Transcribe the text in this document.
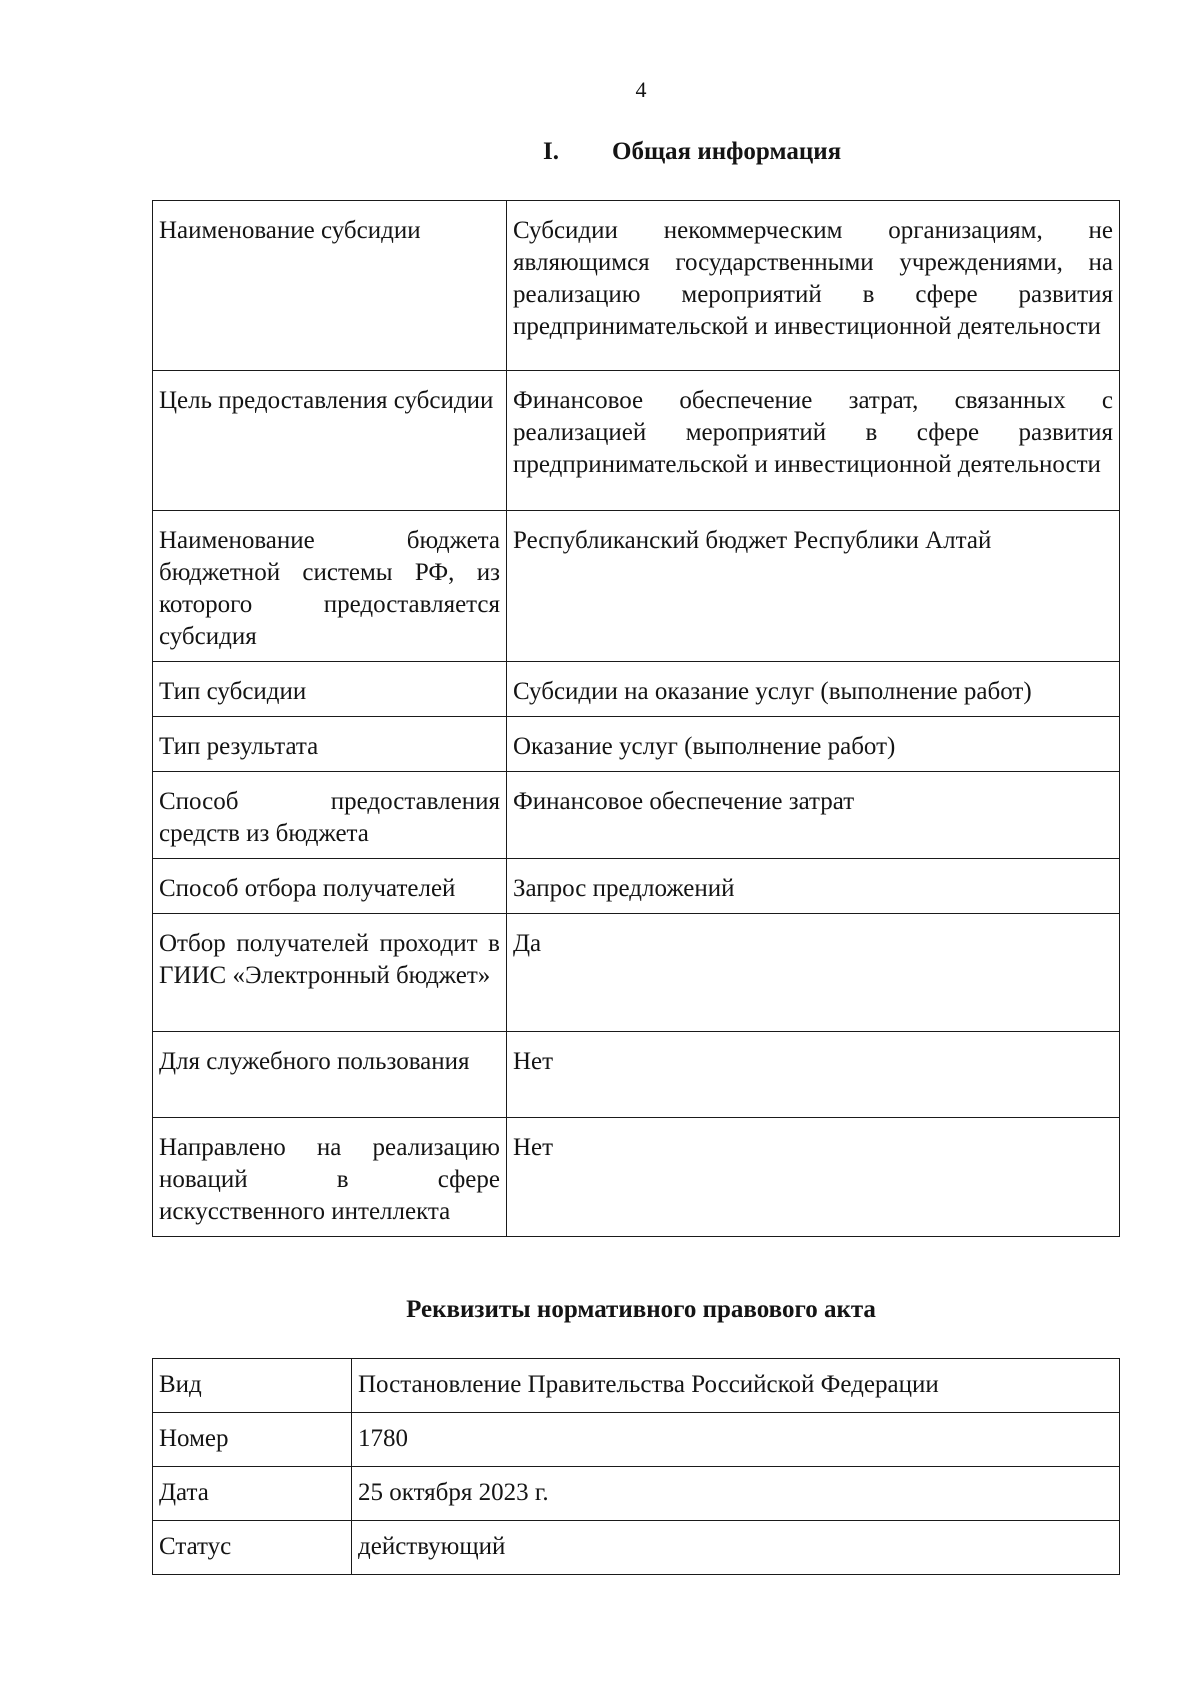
4
I. Общая информация
Наименование субсидии	Субсидии некоммерческим организациям, не являющимся государственными учреждениями, на реализацию мероприятий в сфере развития предпринимательской и инвестиционной деятельности
Цель предоставления субсидии	Финансовое обеспечение затрат, связанных с реализацией мероприятий в сфере развития предпринимательской и инвестиционной деятельности
Наименование бюджета бюджетной системы РФ, из которого предоставляется субсидия	Республиканский бюджет Республики Алтай
Тип субсидии	Субсидии на оказание услуг (выполнение работ)
Тип результата	Оказание услуг (выполнение работ)
Способ предоставления средств из бюджета	Финансовое обеспечение затрат
Способ отбора получателей	Запрос предложений
Отбор получателей проходит в ГИИС «Электронный бюджет»	Да
Для служебного пользования	Нет
Направлено на реализацию новаций в сфере искусственного интеллекта	Нет
Реквизиты нормативного правового акта
Вид	Постановление Правительства Российской Федерации
Номер	1780
Дата	25 октября 2023 г.
Статус	действующий
